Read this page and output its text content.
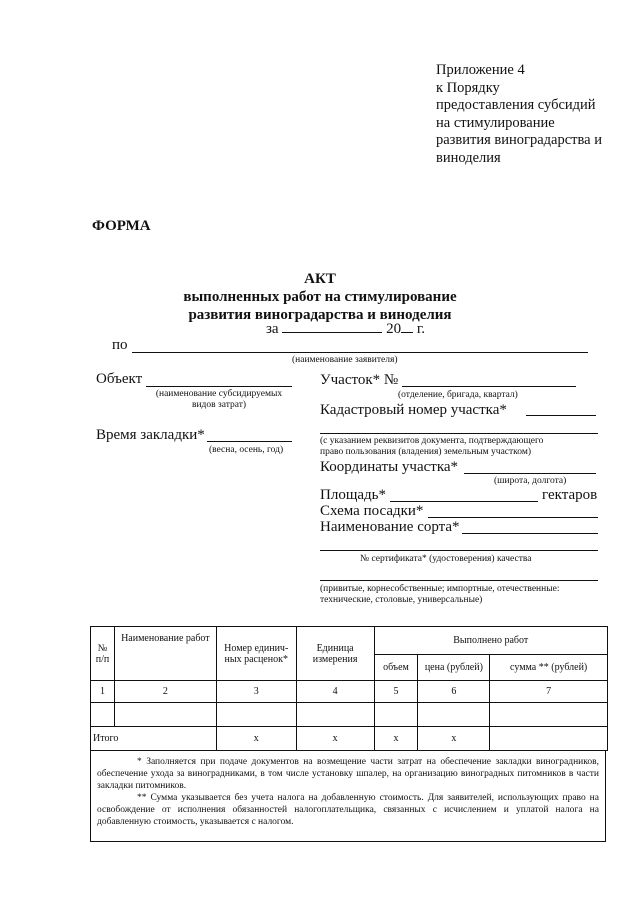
Приложение 4
к Порядку
предоставления субсидий
на стимулирование
развития виноградарства и
виноделия
ФОРМА
АКТ
выполненных работ на стимулирование
развития виноградарства и виноделия
за	20 г.
по
(наименование заявителя)
Объект
(наименование субсидируемых
видов затрат)
Время закладки*
(весна, осень, год)
Участок* №
(отделение, бригада, квартал)
Кадастровый номер участка*
(с указанием реквизитов документа, подтверждающего
право пользования (владения) земельным участком)
Координаты участка*
(широта, долгота)
Площадь*	гектаров
Схема посадки*
Наименование сорта*
№ сертификата* (удостоверения) качества
(привитые, корнесобственные; импортные, отечественные:
технические, столовые, универсальные)
№ п/п	Наименование работ	Номер единич-ных расценок*	Единица измерения	Выполнено работ		
				объем	цена (рублей)	сумма ** (рублей)
1	2	3	4	5	6	7

Итого		х	х	х	х	

* Заполняется при подаче документов на возмещение части затрат на обеспечение закладки виноградников, обеспечение ухода за виноградниками, в том числе установку шпалер, на организацию виноградных питомников в части закладки питомников.

** Сумма указывается без учета налога на добавленную стоимость. Для заявителей, использующих право на освобождение от исполнения обязанностей налогоплательщика, связанных с исчислением и уплатой налога на добавленную стоимость, указывается с налогом.
